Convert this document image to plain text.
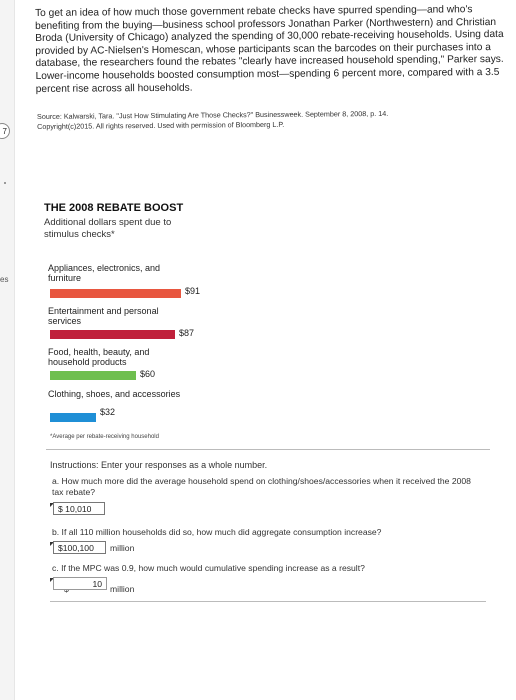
7
es
To get an idea of how much those government rebate checks have spurred spending—and who's benefiting from the buying—business school professors Jonathan Parker (Northwestern) and Christian Broda (University of Chicago) analyzed the spending of 30,000 rebate-receiving households. Using data provided by AC-Nielsen's Homescan, whose participants scan the barcodes on their purchases into a database, the researchers found the rebates "clearly have increased household spending," Parker says. Lower-income households boosted consumption most—spending 6 percent more, compared with a 3.5 percent rise across all households.
Source: Kalwarski, Tara. "Just How Stimulating Are Those Checks?" Businessweek. September 8, 2008, p. 14.
Copyright(c)2015. All rights reserved. Used with permission of Bloomberg L.P.
THE 2008 REBATE BOOST
Additional dollars spent due to stimulus checks*
Appliances, electronics, and furniture
$91
Entertainment and personal services
$87
Food, health, beauty, and household products
$60
Clothing, shoes, and accessories
$32
*Average per rebate-receiving household
Instructions: Enter your responses as a whole number.
a. How much more did the average household spend on clothing/shoes/accessories when it received the 2008 tax rebate?
$ 10,010
b. If all 110 million households did so, how much did aggregate consumption increase?
$100,100	million
c. If the MPC was 0.9, how much would cumulative spending increase as a result?
10 million
